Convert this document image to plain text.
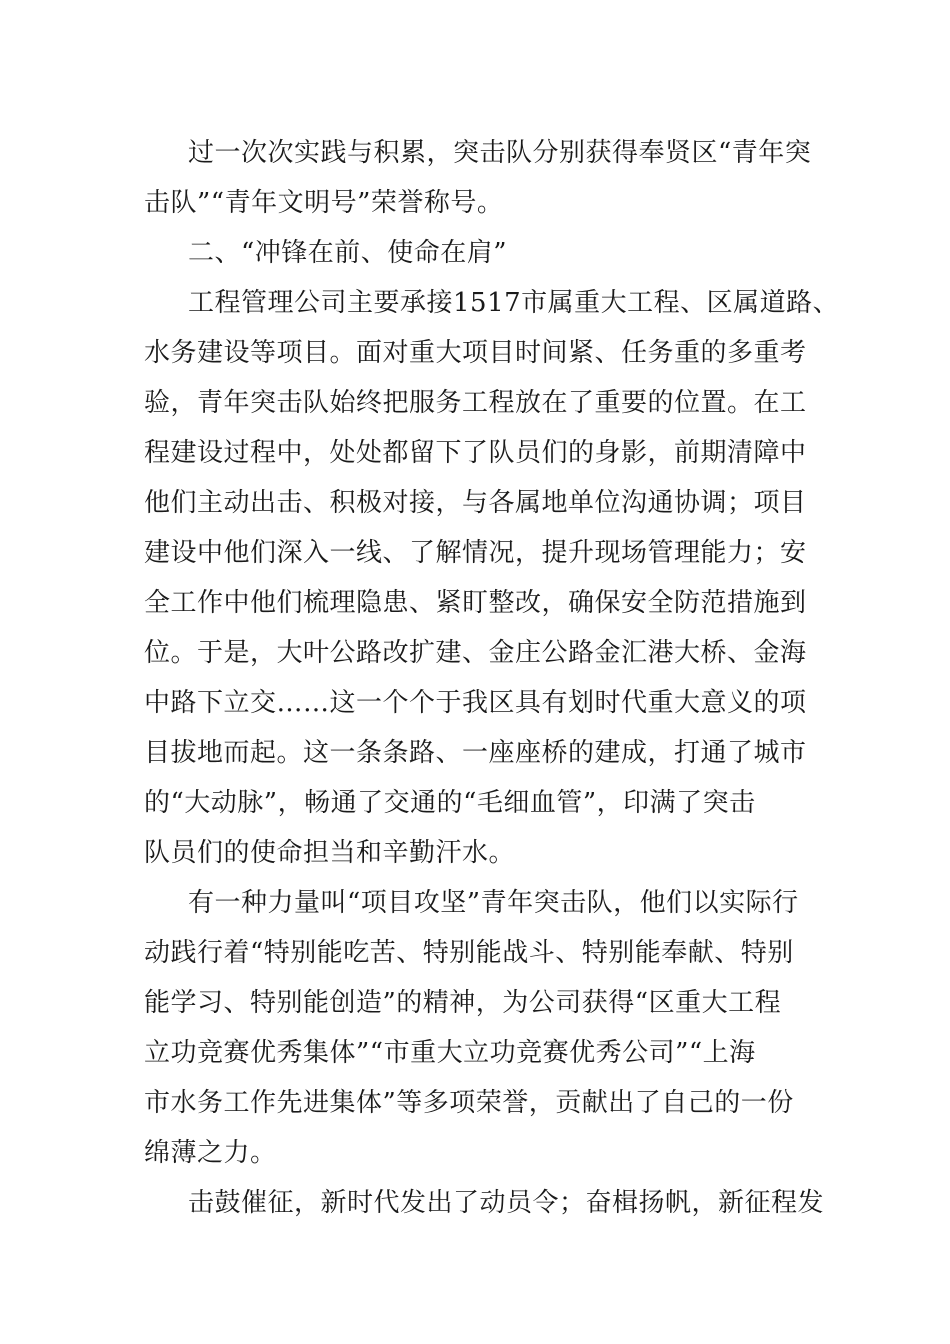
过一次次实践与积累，突击队分别获得奉贤区“青年突
击队”“青年文明号”荣誉称号。
二、“冲锋在前、使命在肩”
工程管理公司主要承接1517市属重大工程、区属道路、
水务建设等项目。面对重大项目时间紧、任务重的多重考
验，青年突击队始终把服务工程放在了重要的位置。在工
程建设过程中，处处都留下了队员们的身影，前期清障中
他们主动出击、积极对接，与各属地单位沟通协调；项目
建设中他们深入一线、了解情况，提升现场管理能力；安
全工作中他们梳理隐患、紧盯整改，确保安全防范措施到
位。于是，大叶公路改扩建、金庄公路金汇港大桥、金海
中路下立交……这一个个于我区具有划时代重大意义的项
目拔地而起。这一条条路、一座座桥的建成，打通了城市
的“大动脉”，畅通了交通的“毛细血管”，印满了突击
队员们的使命担当和辛勤汗水。
有一种力量叫“项目攻坚”青年突击队，他们以实际行
动践行着“特别能吃苦、特别能战斗、特别能奉献、特别
能学习、特别能创造”的精神，为公司获得“区重大工程
立功竞赛优秀集体”“市重大立功竞赛优秀公司”“上海
市水务工作先进集体”等多项荣誉，贡献出了自己的一份
绵薄之力。
击鼓催征，新时代发出了动员令；奋楫扬帆，新征程发
